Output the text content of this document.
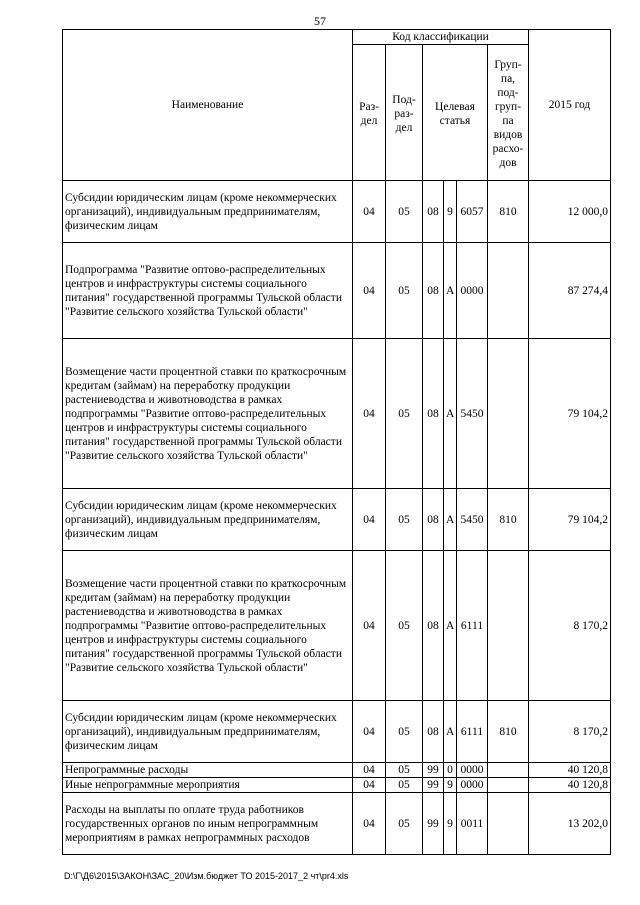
57
Наименование	Код классификации						2015 год
	Раз-дел	Под-раз-дел	Целевая статья			Груп-па, под-груп-па видов расхо-дов	
Субсидии юридическим лицам (кроме некоммерческих организаций), индивидуальным предпринимателям, физическим лицам	04	05	08	9	6057	810	12 000,0
Подпрограмма "Развитие оптово-распределительных центров и инфраструктуры системы социального питания" государственной программы Тульской области "Развитие сельского хозяйства Тульской области"	04	05	08	А	0000		87 274,4
Возмещение части процентной ставки по краткосрочным кредитам (займам) на переработку продукции растениеводства и животноводства в рамках подпрограммы "Развитие оптово-распределительных центров и инфраструктуры системы социального питания" государственной программы Тульской области "Развитие сельского хозяйства Тульской области"	04	05	08	А	5450		79 104,2
Субсидии юридическим лицам (кроме некоммерческих организаций), индивидуальным предпринимателям, физическим лицам	04	05	08	А	5450	810	79 104,2
Возмещение части процентной ставки по краткосрочным кредитам (займам) на переработку продукции растениеводства и животноводства в рамках подпрограммы "Развитие оптово-распределительных центров и инфраструктуры системы социального питания" государственной программы Тульской области "Развитие сельского хозяйства Тульской области"	04	05	08	А	6111		8 170,2
Субсидии юридическим лицам (кроме некоммерческих организаций), индивидуальным предпринимателям, физическим лицам	04	05	08	А	6111	810	8 170,2
Непрограммные расходы	04	05	99	0	0000		40 120,8
Иные непрограммные мероприятия	04	05	99	9	0000		40 120,8
Расходы на выплаты по оплате труда работников государственных органов по иным непрограммным мероприятиям в рамках непрограммных расходов	04	05	99	9	0011		13 202,0
D:\Г\Д6\2015\ЗАКОН\ЗАС_20\Изм.бюджет ТО 2015-2017_2 чт\pr4.xls
